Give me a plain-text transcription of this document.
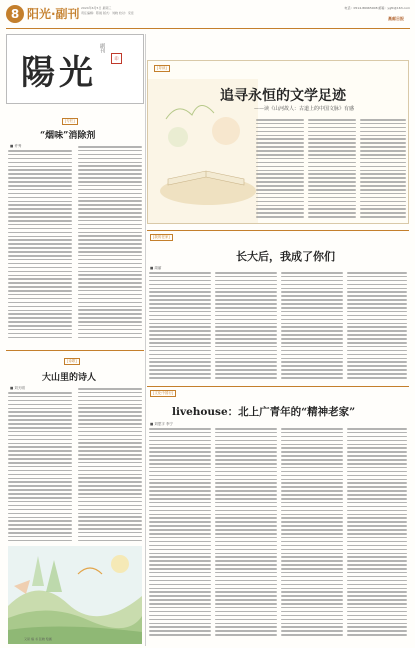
8 阳光·副刊 2024年6月5日 星期三
责任编辑：陈晨 版式：刘晓 校对：宋佳
电话：0514-86965008 邮箱：ygfk@163.com
高邮日报
陽 光
副刊
印
[专栏]
“烟味”消除剂
■ 许秀
[诗歌]
大山里的诗人
■ 刘天明
又是 端 书 张晓 绘画
[导读]
追寻永恒的文学足迹
——读《山河故人：古道上的中国文脉》有感
[我的老家]
长大后，我成了你们
■ 周丽
[文化中国行]
livehouse：北上广青年的“精神老家”
■ 刘思宇 李宁
